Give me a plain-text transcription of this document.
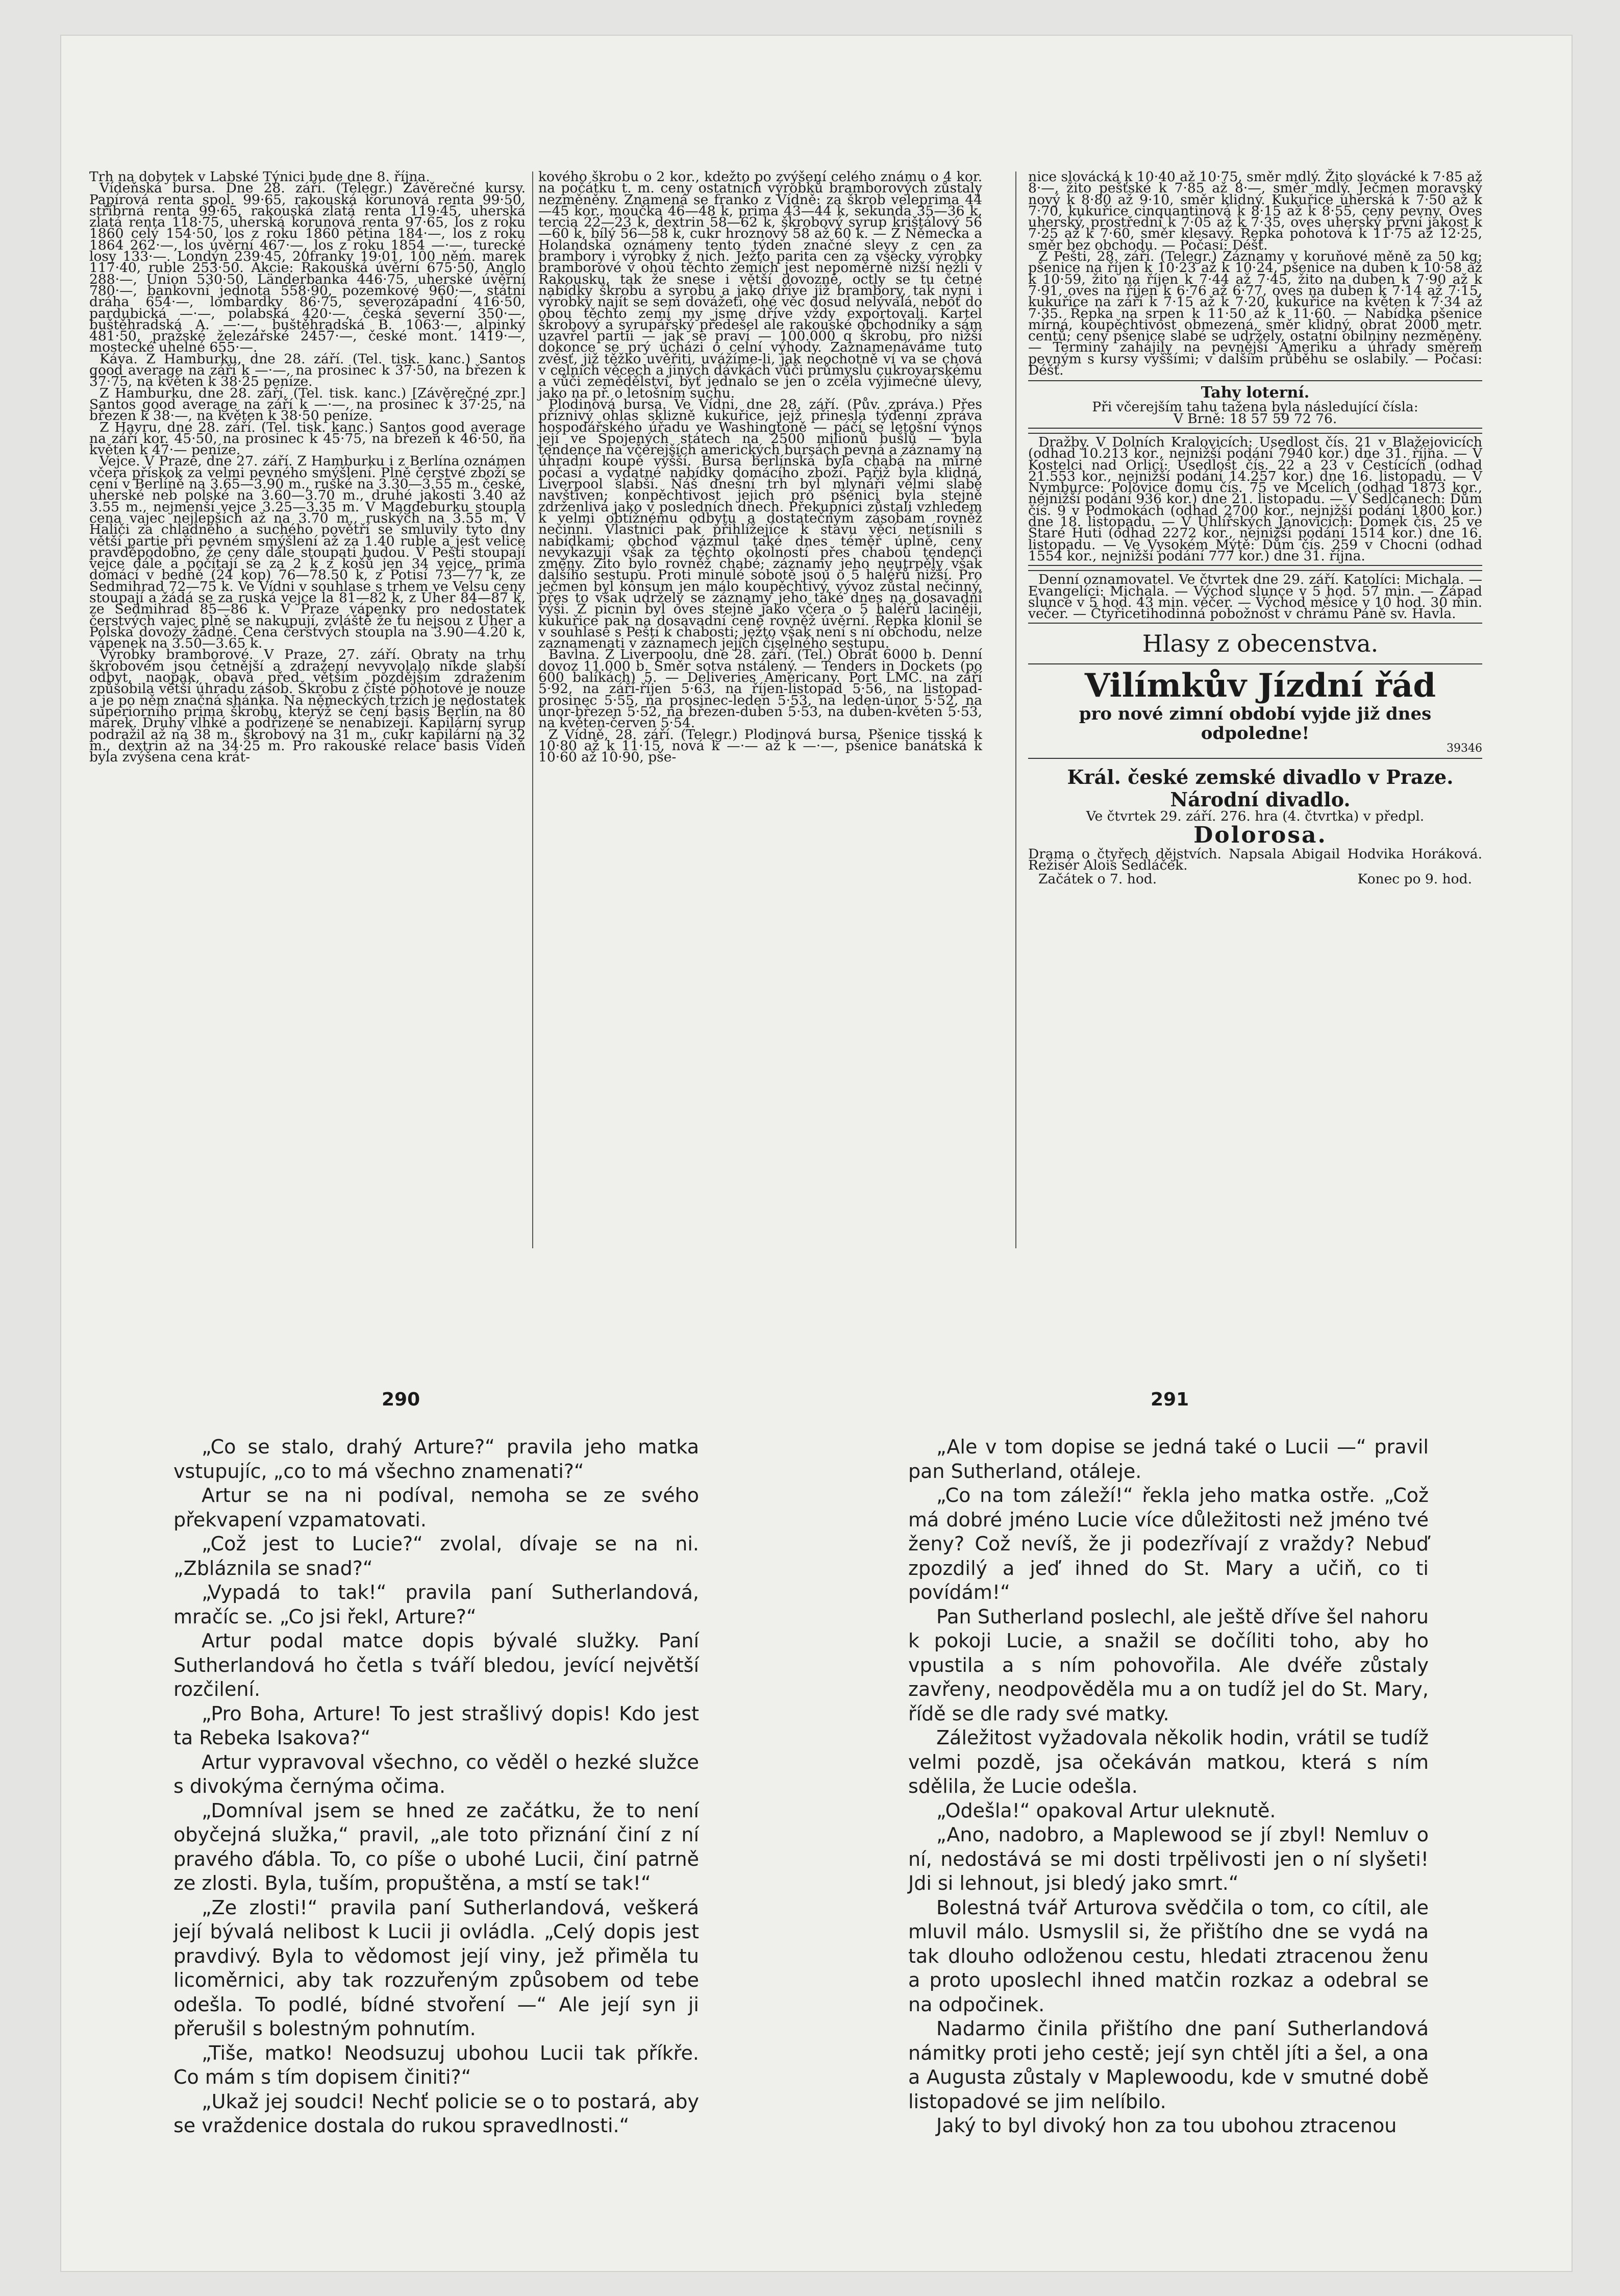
Trh na dobytek v Labské Týnici bude dne 8. října.

Vídeňská bursa. Dne 28. září. (Telegr.) Závěrečné kursy. Papírová renta spol. 99·65, rakouská korunová renta 99·50, stříbrná renta 99·65, rakouská zlatá renta 119·45, uherská zlatá renta 118·75, uherská korunová renta 97·65, los z roku 1860 celý 154·50, los z roku 1860 pětina 184·—, los z roku 1864 262·—, los úvěrní 467·—, los z roku 1854 —·—, turecké losy 133·—. Londýn 239·45, 20franky 19·01, 100 něm. marek 117·40, ruble 253·50. Akcie: Rakouská úvěrní 675·50, Anglo 288·—, Union 530·50, Länderbanka 446·75, uherské úvěrní 780·—, bankovní jednota 558·90, pozemkové 960·—, státní dráha 654·—, lombardky 86·75, severozápadní 416·50, pardubická —·—, polabská 420·—, česká severní 350·—, buštěhradská A. —·—, buštěhradská B. 1063·—, alpinky 481·50, pražské železářské 2457·—, české mont. 1419·—, mostecké uhelné 655·—.

Káva. Z Hamburku, dne 28. září. (Tel. tisk. kanc.) Santos good average na září k —·—, na prosinec k 37·50, na březen k 37·75, na květen k 38·25 peníze.

Z Hamburku, dne 28. září. (Tel. tisk. kanc.) [Závěrečné zpr.] Santos good average na září k —·—, na prosinec k 37·25, na březen k 38·—, na květen k 38·50 peníze.

Z Havru, dne 28. září. (Tel. tisk. kanc.) Santos good average na září kor. 45·50, na prosinec k 45·75, na březen k 46·50, na květen k 47·— peníze.

Vejce. V Praze, dne 27. září. Z Hamburku i z Berlína oznámen včera přískok za velmi pevného smýšlení. Plně čerstvé zboží se cení v Berlíně na 3.65—3.90 m., ruské na 3.30—3.55 m., české, uherské neb polské na 3.60—3.70 m., druhé jakosti 3.40 až 3.55 m., nejmenší vejce 3.25—3.35 m. V Magdeburku stoupla cena vajec nejlepších až na 3.70 m., ruských na 3.55 m. V Haliči za chladného a suchého povětří se smluvily tyto dny větší partie při pevném smýšlení až za 1.40 ruble a jest velice pravděpodobno, že ceny dále stoupati budou. V Pešti stoupají vejce dále a počítají se za 2 k z košů jen 34 vejce, prima domácí v bedně (24 kop) 76—78.50 k, z Potisí 73—77 k, ze Sedmihrad 72—75 k. Ve Vídni v souhlase s trhem ve Velsu ceny stoupají a žádá se za ruská vejce la 81—82 k, z Uher 84—87 k, ze Sedmihrad 85—86 k. V Praze vápenky pro nedostatek čerstvých vajec plně se nakupují, zvláště že tu nejsou z Uher a Polska dovozy žádné. Cena čerstvých stoupla na 3.90—4.20 k, vápenek na 3.50—3.65 k.

Výrobky bramborové. V Praze, 27. září. Obraty na trhu škrobovém jsou četnější a zdražení nevyvolalo nikde slabší odbyt, naopak, obava před větším pozdějším zdražením způsobila větší úhradu zásob. Škrobu z čisté pohotové je nouze a je po něm značná shánka. Na německých trzích je nedostatek superiorního prima škrobu, kterýž se cení basis Berlín na 80 marek. Druhy vlhké a podřízené se nenabízejí. Kapilární syrup podražil až na 38 m., škrobový na 31 m., cukr kapilární na 32 m., dextrin až na 34·25 m. Pro rakouské relace basis Vídeň byla zvýšena cena krát-

kového škrobu o 2 kor., kdežto po zvýšení celého známu o 4 kor. na počátku t. m. ceny ostatních výrobků bramborových zůstaly nezměněny. Znamená se franko z Vídně: za škrob veleprima 44—45 kor., moučka 46—48 k, prima 43—44 k, sekunda 35—36 k, tercia 22—23 k, dextrin 58—62 k, škrobový syrup krištálový 56—60 k, bílý 56—58 k, cukr hroznový 58 až 60 k. — Z Německa a Holandska oznámeny tento týden značné slevy z cen za brambory i výrobky z nich. Ježto parita cen za všecky výrobky bramborové v ohou těchto zemích jest nepoměrně nižší nežli v Rakousku, tak že snese i větší dovozné, octly se tu četné nabídky škrobu a syrobu a jako dříve již brambory, tak nyní i výrobky najít se sem dovážeti, ohé věc dosud nelývalá, neboť do obou těchto zemí my jsme dříve vždy exportovali. Kartel škrobový a syrupářský předešel ale rakouské obchodníky a sám uzavřel partii — jak se praví — 100.000 q škrobu, pro nižší dokonce se prý ucházi o celní výhody. Zaznamenáváme tuto zvěsť, již těžko uvěřiti, uvážíme-li, jak neochotně ví va se chová v celních věcech a jiných dávkách vůči průmyslu cukrovarskému a vůči zemědělství, byť jednalo se jen o zcela výjimečné úlevy, jako na př. o letošním suchu.

Plodinová bursa. Ve Vídni, dne 28. září. (Pův. zpráva.) Přes příznivý ohlas sklizně kukuřice, jejž přinesla týdenní zpráva hospodářského úřadu ve Washingtoně — páčí se letošní výnos její ve Spojených státech na 2500 milionů bušlů — byla tendence na včerejších amerických bursách pevná a záznamy na úhradní koupě vyšší. Bursa berlínská byla chabá na mírné počasí a vydatné nabídky domácího zboží. Pařiž byla klidná, Liverpool slabší. Náš dnešní trh byl mlynáři velmi slabě navštíven; konpěchtivost jejich pro pšenici byla stejně zdrženlivá jako v posledních dnech. Překupníci zůstali vzhledem k velmi obtížnému odbytu a dostatečným zásobám rovněž nečinní. Vlastníci pak přihlížejíce k stavu věcí netísnili s nabídkami; obchod vázmul také dnes téměř úplně, ceny nevykazují však za těchto okolností přes chabou tendenci změny. Žito bylo rovněž chabé; záznamy jeho neutrpěly však dalšího sestupu. Proti minulé sobotě jsou o 5 haléřů nižší. Pro ječmen byl konsum jen málo koupěchtivý, vývoz zůstal nečinný, přes to však udržely se záznamy jeho také dnes na dosavadní výši. Z picnin byl oves stejně jako včera o 5 haléřů laciněji, kukuřice pak na dosavadní ceně rovněž úvěrní. Řepka klonil se v souhlase s Peští k chabosti; ježto však není s ní obchodu, nelze zaznamenati v záznamech jejích číselného sestupu.

Bavlna. Z Liverpoolu, dne 28. září. (Tel.) Obrat 6000 b. Denní dovoz 11.000 b. Směr sotva nstálený. — Tenders in Dockets (po 600 balíkách) 5. — Deliveries Americany. Port LMC. na září 5·92, na září-říjen 5·63, na říjen-listopad 5·56, na listopad-prosinec 5·55, na prosinec-leden 5·53, na leden-únor 5·52, na únor-březen 5·52, na březen-duben 5·53, na duben-květen 5·53, na květen-červen 5·54.

Z Vídně, 28. září. (Telegr.) Plodinová bursa. Pšenice tisská k 10·80 až k 11·15, nová k —·— až k —·—, pšenice banátská k 10·60 až 10·90, pše-

nice slovácká k 10·40 až 10·75, směr mdlý. Žito slovácké k 7·85 až 8·—, žito pešťské k 7·85 až 8·—, směr mdlý. Ječmen moravský nový k 8·80 až 9·10, směr klidný. Kukuřice uherská k 7·50 až k 7·70, kukuřice cinquantinová k 8·15 až k 8·55, ceny pevny. Oves uherský, prostřední k 7·05 až k 7·35, oves uherský první jakost k 7·25 až k 7·60, směr klesavý. Řepka pohotová k 11·75 až 12·25, směr bez obchodu. — Počasí: Déšť.

Z Pešti, 28. září. (Telegr.) Záznamy v koruňové měně za 50 kg: pšenice na říjen k 10·23 až k 10·24, pšenice na duben k 10·58 až k 10·59, žito na říjen k 7·44 až 7·45, žito na duben k 7·90 až k 7·91, oves na říjen k 6·76 až 6·77, oves na duben k 7·14 až 7·15, kukuřice na září k 7·15 až k 7·20, kukuřice na květen k 7·34 až 7·35. Řepka na srpen k 11·50 až k 11·60. — Nabídka pšenice mírná, koupěchtivost obmezená, směr klidný, obrat 2000 metr. centů; ceny pšenice slabé se udržely, ostatní obilniny nezměněny. — Terminy zahájily na pevnější Ameriku a úhrady směrem pevným s kursy vyššími; v dalším průběhu se oslabily. — Počasí: Déšť.

Tahy loterní.

Při včerejším tahu tažena byla následující čísla:

V Brně: 18 57 59 72 76.

Dražby. V Dolních Kralovicích: Usedlost čís. 21 v Blažejovicích (odhad 10.213 kor., nejnižší podání 7940 kor.) dne 31. října. — V Kostelci nad Orlicí: Usedlost čís. 22 a 23 v Čestících (odhad 21.553 kor., nejnižší podání 14.257 kor.) dne 16. listopadu. — V Nymburce: Polovice domu čís. 75 ve Mcelích (odhad 1873 kor., nejnižší podání 936 kor.) dne 21. listopadu. — V Sedlčanech: Dům čís. 9 v Podmokách (odhad 2700 kor., nejnižší podání 1800 kor.) dne 18. listopadu. — V Uhlířských Janovicích: Domek čís. 25 ve Staré Huti (odhad 2272 kor., nejnižší podání 1514 kor.) dne 16. listopadu. — Ve Vysokém Mýtě: Dům čís. 259 v Chocni (odhad 1554 kor., nejnižší podání 777 kor.) dne 31. října.

Denní oznamovatel. Ve čtvrtek dne 29. září. Katolíci: Michala. — Evangelíci: Michala. — Východ slunce v 5 hod. 57 min. — Západ slunce v 5 hod. 43 min. večer. — Východ měsíce v 10 hod. 30 min. večer. — Čtyřicetihodinná pobožnost v chrámu Páně sv. Havla.

Hlasy z obecenstva.

Vilímkův Jízdní řád

pro nové zimní období vyjde již dnes odpoledne!

39346

Král. české zemské divadlo v Praze.

Národní divadlo.

Ve čtvrtek 29. září. 276. hra (4. čtvrtka) v předpl.

Dolorosa.

Drama o čtyřech dějstvích. Napsala Abigail Hodvika Horáková. Režisér Alois Sedláček.

Začátek o 7. hod.	Konec po 9. hod.
290	291

„Co se stalo, drahý Arture?“ pravila jeho matka vstupujíc, „co to má všechno znamenati?“

Artur se na ni podíval, nemoha se ze svého překvapení vzpamatovati.

„Což jest to Lucie?“ zvolal, dívaje se na ni. „Zbláznila se snad?“

„Vypadá to tak!“ pravila paní Sutherlandová, mračíc se. „Co jsi řekl, Arture?“

Artur podal matce dopis bývalé služky. Paní Sutherlandová ho četla s tváří bledou, jevící největší rozčilení.

„Pro Boha, Arture! To jest strašlivý dopis! Kdo jest ta Rebeka Isakova?“

Artur vypravoval všechno, co věděl o hezké služce s divokýma černýma očima.

„Domníval jsem se hned ze začátku, že to není obyčejná služka,“ pravil, „ale toto přiznání činí z ní pravého ďábla. To, co píše o ubohé Lucii, činí patrně ze zlosti. Byla, tuším, propuštěna, a mstí se tak!“

„Ze zlosti!“ pravila paní Sutherlandová, veškerá její bývalá nelibost k Lucii ji ovládla. „Celý dopis jest pravdivý. Byla to vědomost její viny, jež přiměla tu licoměrnici, aby tak rozzuřeným způsobem od tebe odešla. To podlé, bídné stvoření —“ Ale její syn ji přerušil s bolestným pohnutím.

„Tiše, matko! Neodsuzuj ubohou Lucii tak příkře. Co mám s tím dopisem činiti?“

„Ukaž jej soudci! Nechť policie se o to postará, aby se vraždenice dostala do rukou spravedlnosti.“

„Ale v tom dopise se jedná také o Lucii —“ pravil pan Sutherland, otáleje.

„Co na tom záleží!“ řekla jeho matka ostře. „Což má dobré jméno Lucie více důležitosti než jméno tvé ženy? Což nevíš, že ji podezřívají z vraždy? Nebuď zpozdilý a jeď ihned do St. Mary a učiň, co ti povídám!“

Pan Sutherland poslechl, ale ještě dříve šel nahoru k pokoji Lucie, a snažil se dočíliti toho, aby ho vpustila a s ním pohovořila. Ale dvéře zůstaly zavřeny, neodpověděla mu a on tudíž jel do St. Mary, řídě se dle rady své matky.

Záležitost vyžadovala několik hodin, vrátil se tudíž velmi pozdě, jsa očekáván matkou, která s ním sdělila, že Lucie odešla.

„Odešla!“ opakoval Artur uleknutě.

„Ano, nadobro, a Maplewood se jí zbyl! Nemluv o ní, nedostává se mi dosti trpělivosti jen o ní slyšeti! Jdi si lehnout, jsi bledý jako smrt.“

Bolestná tvář Arturova svědčila o tom, co cítil, ale mluvil málo. Usmyslil si, že přištího dne se vydá na tak dlouho odloženou cestu, hledati ztracenou ženu a proto uposlechl ihned matčin rozkaz a odebral se na odpočinek.

Nadarmo činila přištího dne paní Sutherlandová námitky proti jeho cestě; její syn chtěl jíti a šel, a ona a Augusta zůstaly v Maplewoodu, kde v smutné době listopadové se jim nelíbilo.

Jaký to byl divoký hon za tou ubohou ztracenou
